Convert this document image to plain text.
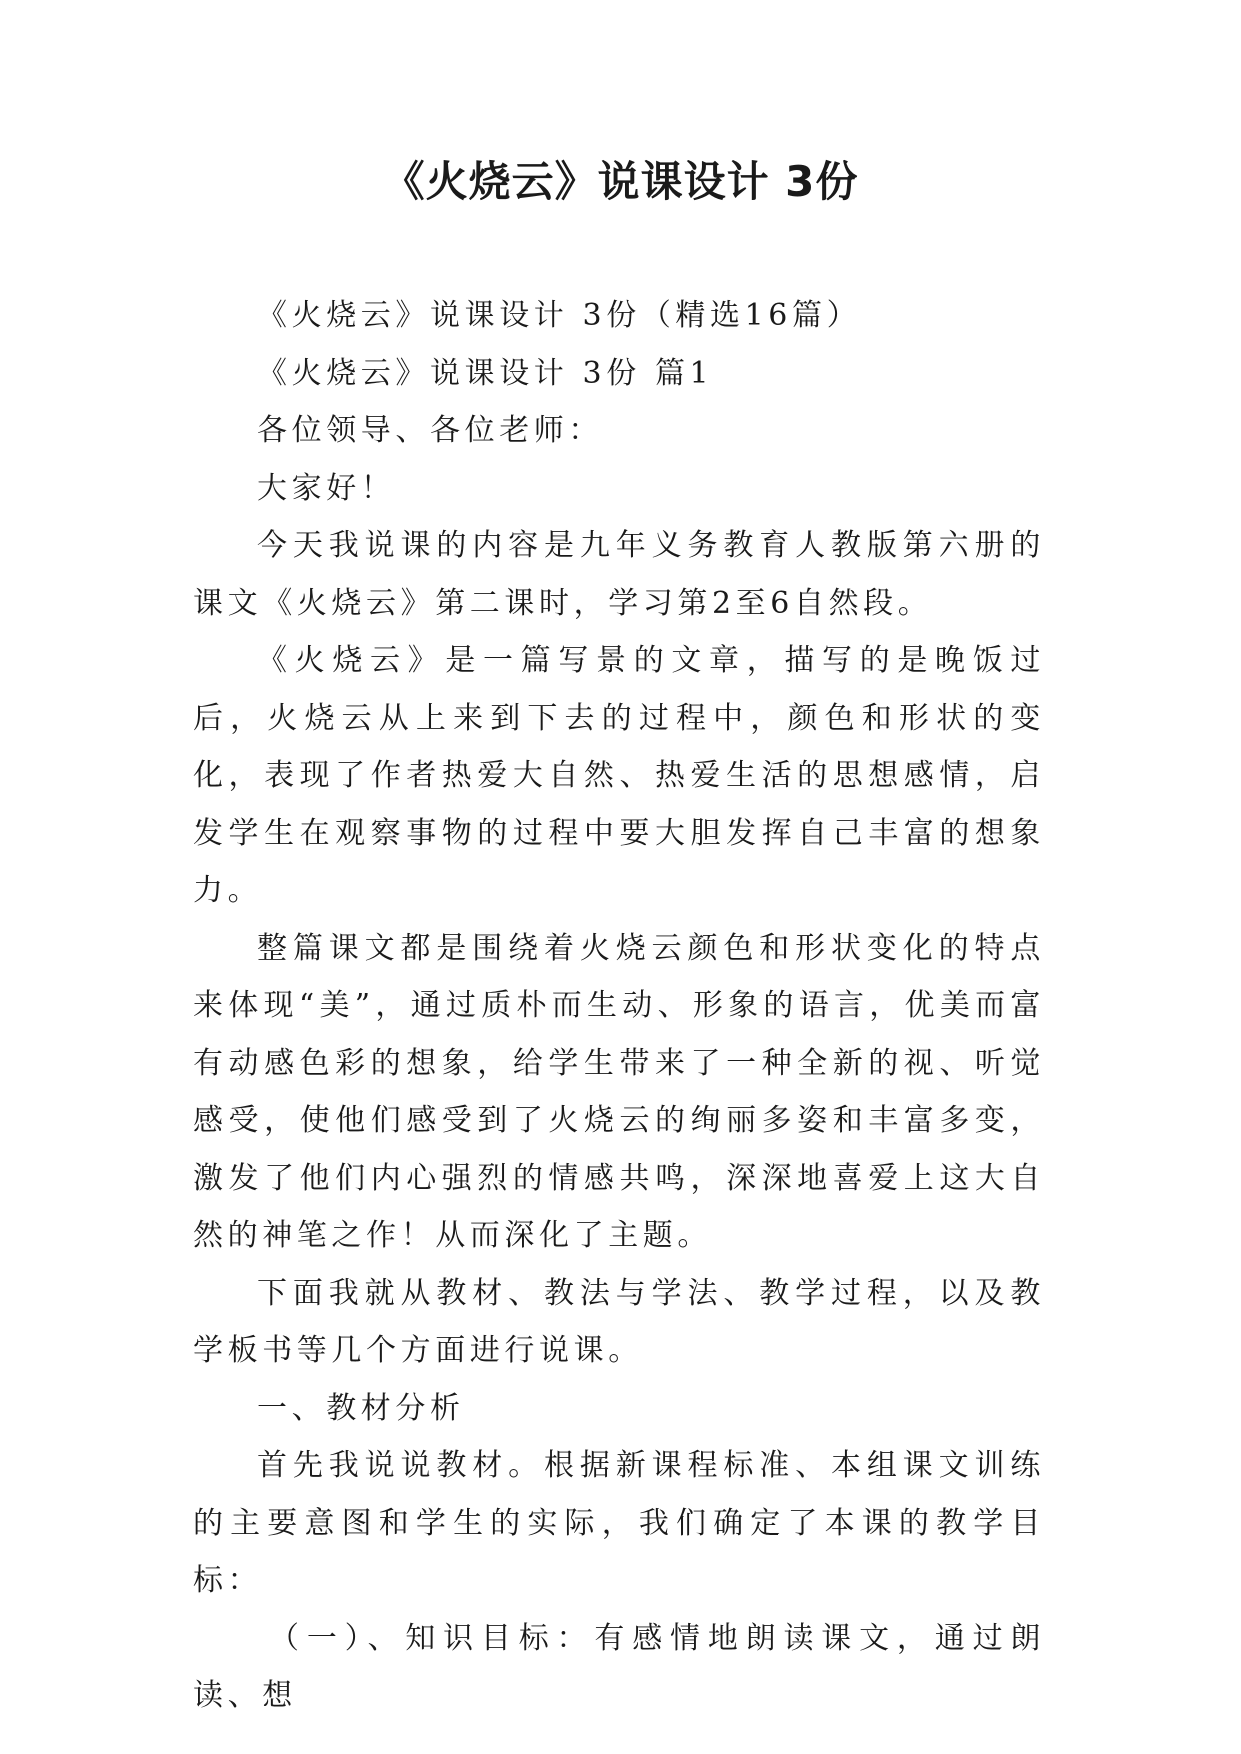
《火烧云》说课设计 3份

《火烧云》说课设计 3份（精选16篇）

《火烧云》说课设计 3份 篇1

各位领导、各位老师：

大家好！

今天我说课的内容是九年义务教育人教版第六册的课文《火烧云》第二课时，学习第2至6自然段。

《火烧云》是一篇写景的文章，描写的是晚饭过后，火烧云从上来到下去的过程中，颜色和形状的变化，表现了作者热爱大自然、热爱生活的思想感情，启发学生在观察事物的过程中要大胆发挥自己丰富的想象力。

整篇课文都是围绕着火烧云颜色和形状变化的特点来体现“美”，通过质朴而生动、形象的语言，优美而富有动感色彩的想象，给学生带来了一种全新的视、听觉感受，使他们感受到了火烧云的绚丽多姿和丰富多变，激发了他们内心强烈的情感共鸣，深深地喜爱上这大自然的神笔之作！从而深化了主题。

下面我就从教材、教法与学法、教学过程，以及教学板书等几个方面进行说课。

一、教材分析

首先我说说教材。根据新课程标准、本组课文训练的主要意图和学生的实际，我们确定了本课的教学目标：

（一）、知识目标：有感情地朗读课文，通过朗读、想
